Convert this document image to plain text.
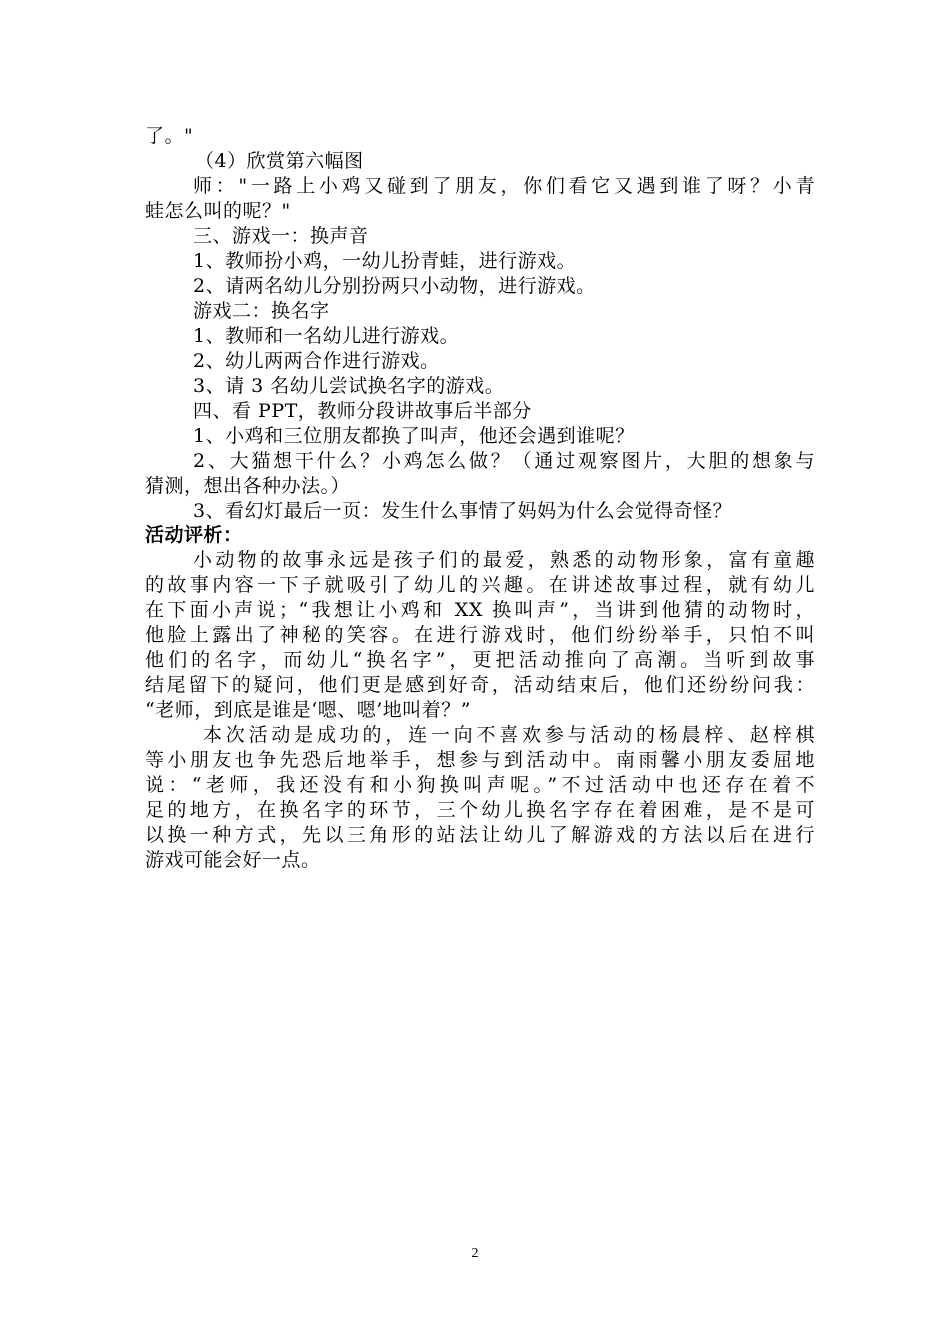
了。"
（4）欣赏第六幅图
师："一路上小鸡又碰到了朋友，你们看它又遇到谁了呀？小青
蛙怎么叫的呢？"
三、游戏一：换声音
1、教师扮小鸡，一幼儿扮青蛙，进行游戏。
2、请两名幼儿分别扮两只小动物，进行游戏。
游戏二：换名字
1、教师和一名幼儿进行游戏。
2、幼儿两两合作进行游戏。
3、请 3 名幼儿尝试换名字的游戏。
四、看 PPT，教师分段讲故事后半部分
1、小鸡和三位朋友都换了叫声，他还会遇到谁呢？
2、大猫想干什么？小鸡怎么做？（通过观察图片，大胆的想象与
猜测，想出各种办法。）
3、看幻灯最后一页：发生什么事情了妈妈为什么会觉得奇怪？
活动评析：
小动物的故事永远是孩子们的最爱，熟悉的动物形象，富有童趣
的故事内容一下子就吸引了幼儿的兴趣。在讲述故事过程，就有幼儿
在下面小声说；“我想让小鸡和 XX 换叫声”，当讲到他猜的动物时，
他脸上露出了神秘的笑容。在进行游戏时，他们纷纷举手，只怕不叫
他们的名字，而幼儿“换名字”，更把活动推向了高潮。当听到故事
结尾留下的疑问，他们更是感到好奇，活动结束后，他们还纷纷问我：
“老师，到底是谁是‘嗯、嗯’地叫着？”
本次活动是成功的，连一向不喜欢参与活动的杨晨梓、赵梓棋
等小朋友也争先恐后地举手，想参与到活动中。南雨馨小朋友委屈地
说：“老师，我还没有和小狗换叫声呢。”不过活动中也还存在着不
足的地方，在换名字的环节，三个幼儿换名字存在着困难，是不是可
以换一种方式，先以三角形的站法让幼儿了解游戏的方法以后在进行
游戏可能会好一点。
2
